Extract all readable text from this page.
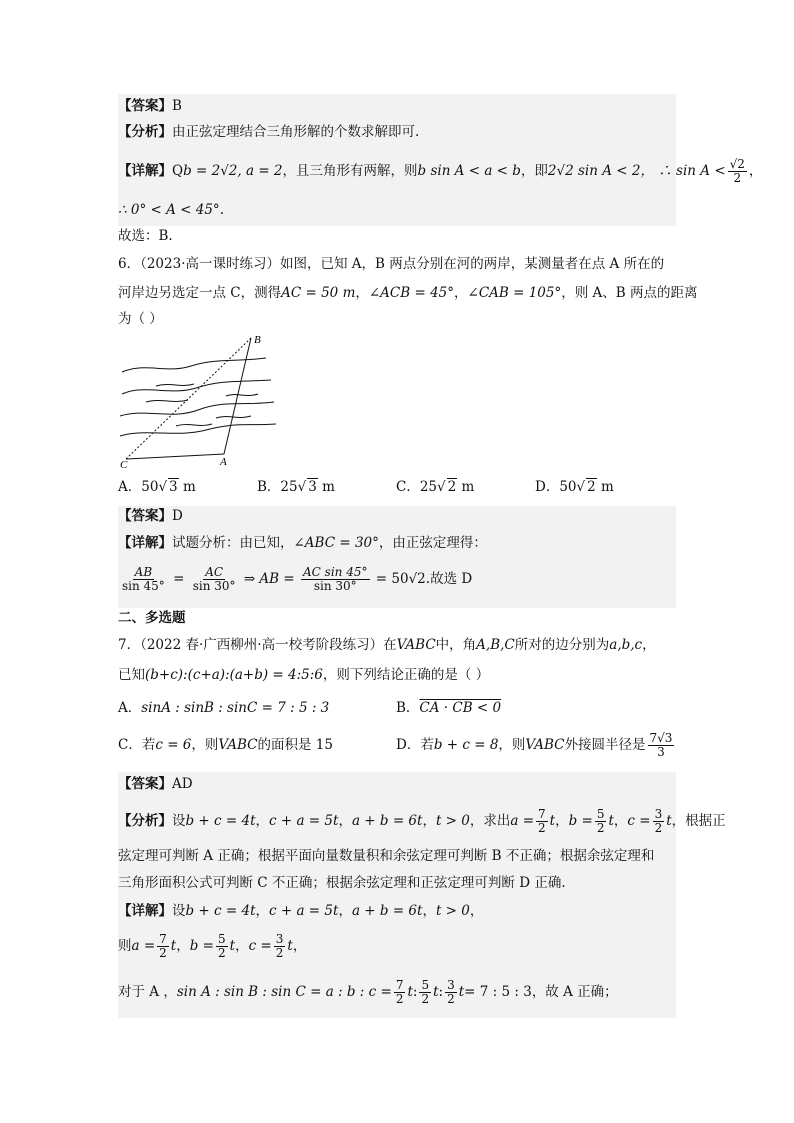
【答案】B
【分析】由正弦定理结合三角形解的个数求解即可.
【详解】Qb = 2√2, a = 2，且三角形有两解，则b sin A < a < b，即2√2 sin A < 2， ∴ $\sin A < \frac{√2}{2}$ ，
∴ 0° < A < 45°.
故选：B.
6．（2023·高一课时练习）如图，已知 A，B 两点分别在河的两岸，某测量者在点 A 所在的
河岸边另选定一点 C，测得AC = 50 m，∠ACB = 45°，∠CAB = 105°，则 A、B 两点的距离
为（ ）
B
C	A
A．50√ 3 m	B．25√ 3 m	C．25√ 2 m	D．50√ 2 m
【答案】D
【详解】试题分析：由已知，∠ABC = 30°，由正弦定理得：
$\frac{AB}{\sin 45^\circ} = \frac{AC}{\sin 30^\circ}$ ⇒ AB = $\frac{\text{AC sin 45°}}{\sin 30^\circ} = 50√2$.故选 D
二、多选题
7．（2022 春·广西柳州·高一校考阶段练习）在VABC中，角A,B,C所对的边分别为a,b,c，
已知(b+c):(c+a):(a+b) = 4:5:6，则下列结论正确的是（ ）
A．sinA : sinB : sinC = 7 : 5 : 3	B．CA · CB < 0
C．若c = 6，则VABC的面积是 15	D．若b + c = 8，则VABC外接圆半径是 $\frac{7√3}{3}$
【答案】AD
【分析】设b + c = 4t，c + a = 5t，a + b = 6t，t > 0，求出$a = \frac{7}{2}$ t，$b = \frac{5}{2}$ t，$c = \frac{3}{2}$ t，根据正
弦定理可判断 A 正确；根据平面向量数量积和余弦定理可判断 B 不正确；根据余弦定理和
三角形面积公式可判断 C 不正确；根据余弦定理和正弦定理可判断 D 正确.
【详解】设b + c = 4t，c + a = 5t，a + b = 6t，t > 0，
则$a = \frac{7}{2}$ t，$b = \frac{5}{2}$ t，$c = \frac{3}{2}$ t，
对于 A ，sin A : sin B : sin C = a : b : $c = \frac{7}{2} t$: $\frac{5}{2} t$: $\frac{3}{2} t= 7$ : 5 : 3，故 A 正确；
